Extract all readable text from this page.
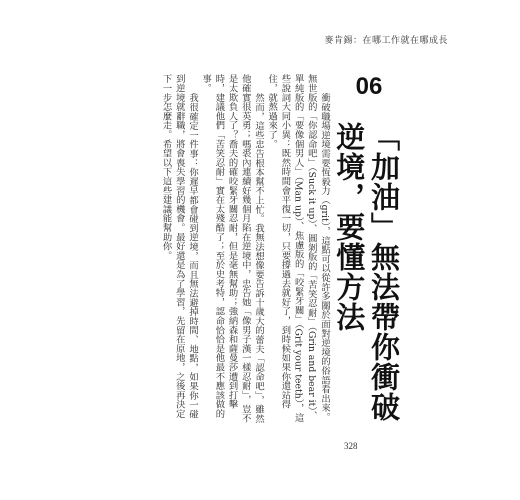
麥肯錫：在哪工作就在哪成長

衝破職場逆境需要恆毅力（grit），這點可以從許多關於面對逆境的俗語看出來。無世版的「你認命吧」（Suck it up）、圓剝版的「苦笑忍耐」（Grin and bear it）、單純版的「要像個男人」（Man up）、焦慮版的「咬緊牙關」（Grit your teeth），這些說詞大同小異：既然時間會平復一切，只要撐過去就好了，到時候如果你還站得住，就熬過來了。

然而，這些忠告根本幫不上忙。我無法想像要告訴十歲大的蕾夫「認命吧」，雖然他確實很英勇；嗎裘內連續好幾個月陷在逆境中，忠告她「像男子漢一樣忍耐」，豈不是太欺負人了？喬夫的確咬緊牙關忍耐，但是毫無幫助；強納森和薩曼莎遭到打擊時，建議他們「苦笑忍耐」實在太殘酷了；至於史考特，認命恰恰是他最不應該做的事。

我很確定一件事：你遲早都會碰到逆境，而且無法避掉時間、地點，如果你一碰到逆境就辭職，將會喪失學習的機會。最好還是為了學習，先留在原地，之後再決定下一步怎麼走。希望以下這些建議能幫助你。	06
「加油」無法帶你衝破逆境，要懂方法
328
